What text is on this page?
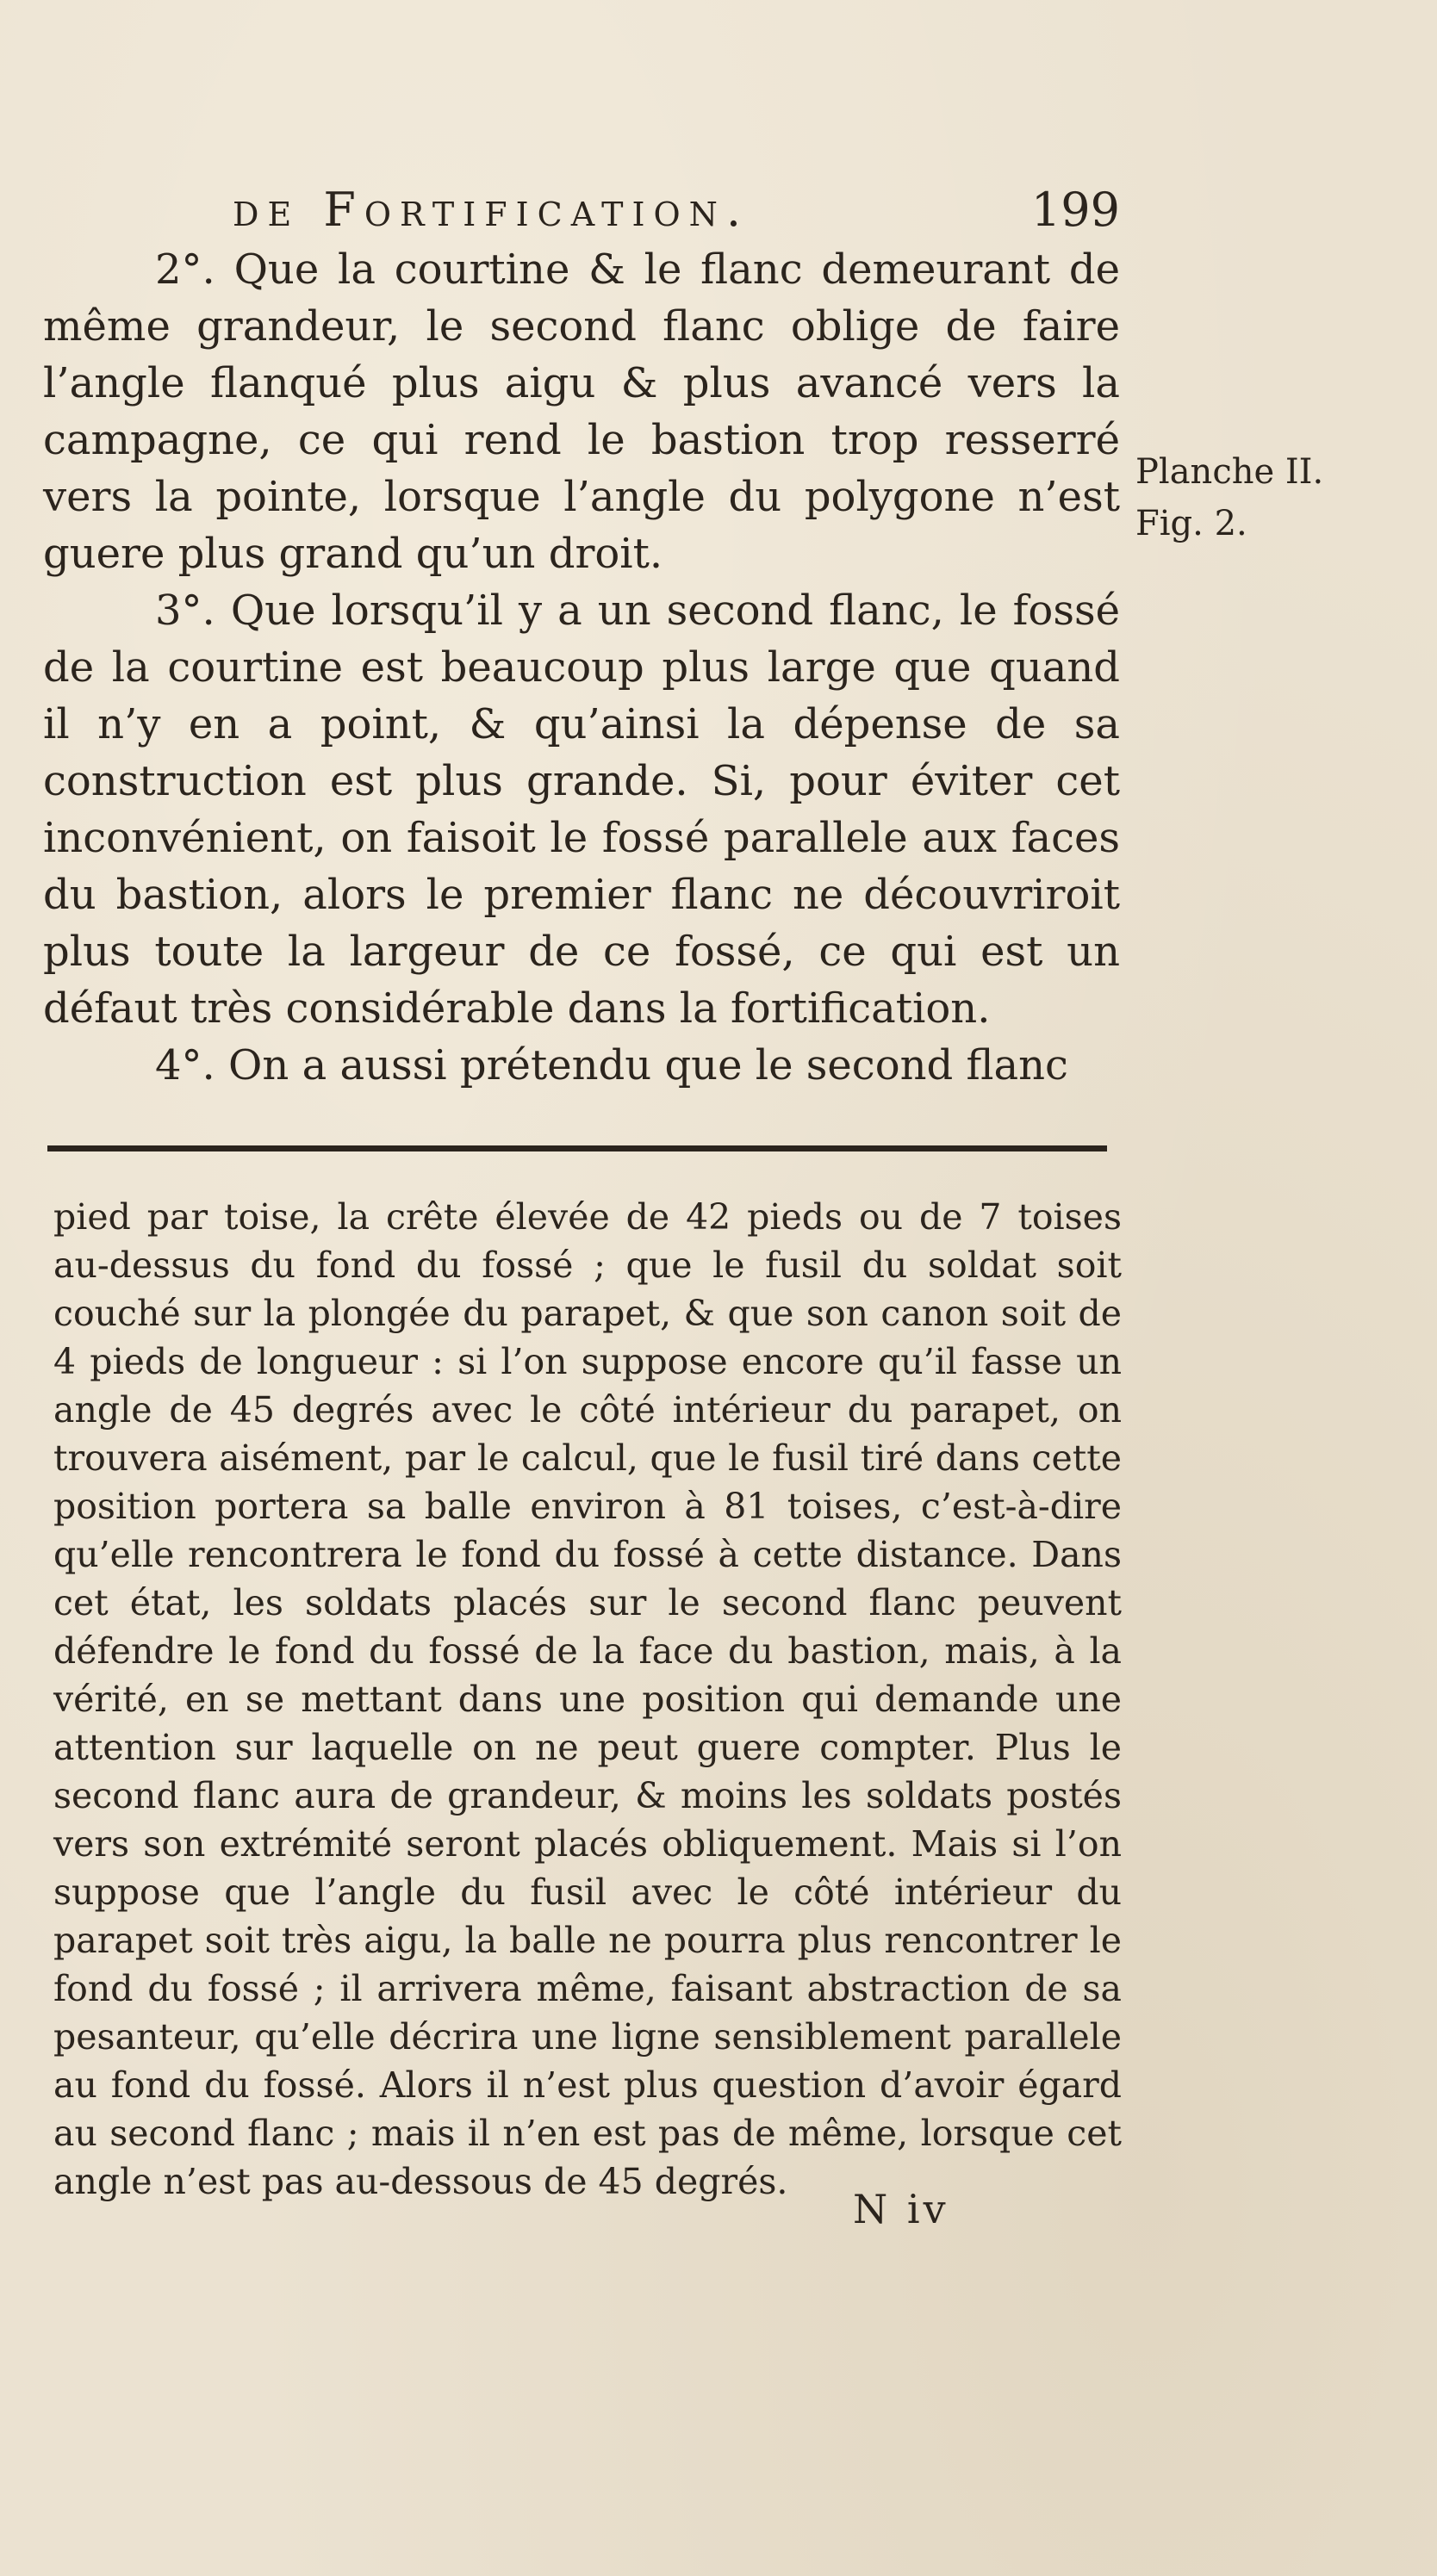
de Fortification.	199

2°. Que la courtine & le flanc demeurant de même grandeur, le second flanc oblige de faire l’angle flanqué plus aigu & plus avancé vers la campagne, ce qui rend le bastion trop resserré vers la pointe, lorsque l’angle du polygone n’est guere plus grand qu’un droit.

3°. Que lorsqu’il y a un second flanc, le fossé de la courtine est beaucoup plus large que quand il n’y en a point, & qu’ainsi la dépense de sa construction est plus grande. Si, pour éviter cet inconvénient, on faisoit le fossé parallele aux faces du bastion, alors le premier flanc ne découvriroit plus toute la largeur de ce fossé, ce qui est un défaut très considérable dans la fortification.

4°. On a aussi prétendu que le second flanc

Planche II.
Fig. 2.

pied par toise, la crête élevée de 42 pieds ou de 7 toises au-dessus du fond du fossé ; que le fusil du soldat soit couché sur la plongée du parapet, & que son canon soit de 4 pieds de longueur : si l’on suppose encore qu’il fasse un angle de 45 degrés avec le côté intérieur du parapet, on trouvera aisément, par le calcul, que le fusil tiré dans cette position portera sa balle environ à 81 toises, c’est-à-dire qu’elle rencontrera le fond du fossé à cette distance. Dans cet état, les soldats placés sur le second flanc peuvent défendre le fond du fossé de la face du bastion, mais, à la vérité, en se mettant dans une position qui demande une attention sur laquelle on ne peut guere compter. Plus le second flanc aura de grandeur, & moins les soldats postés vers son extrémité seront placés obliquement. Mais si l’on suppose que l’angle du fusil avec le côté intérieur du parapet soit très aigu, la balle ne pourra plus rencontrer le fond du fossé ; il arrivera même, faisant abstraction de sa pesanteur, qu’elle décrira une ligne sensiblement parallele au fond du fossé. Alors il n’est plus question d’avoir égard au second flanc ; mais il n’en est pas de même, lorsque cet angle n’est pas au-dessous de 45 degrés.

N iv
